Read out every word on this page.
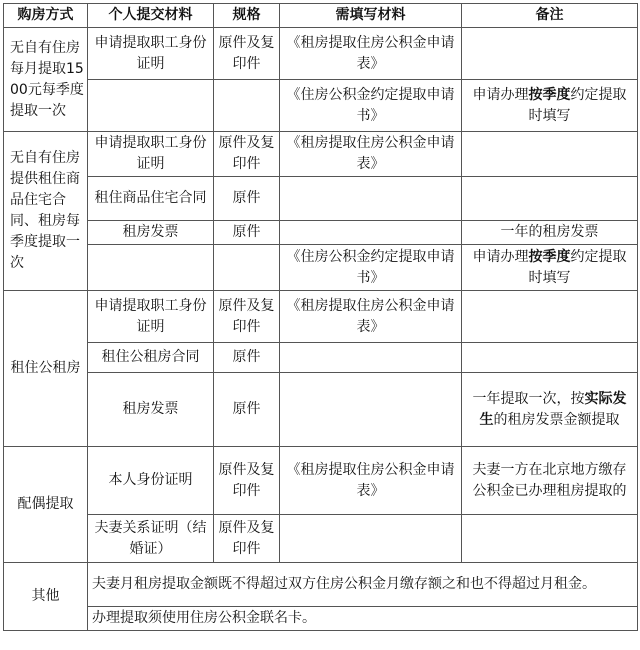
购房方式	个人提交材料	规格	需填写材料	备注
无自有住房每月提取1500元每季度提取一次	申请提取职工身份证明	原件及复印件	《租房提取住房公积金申请表》	
			《住房公积金约定提取申请书》	申请办理按季度约定提取时填写
无自有住房提供租住商品住宅合同、租房每季度提取一次	申请提取职工身份证明	原件及复印件	《租房提取住房公积金申请表》	
	租住商品住宅合同	原件		
	租房发票	原件		一年的租房发票
			《住房公积金约定提取申请书》	申请办理按季度约定提取时填写
租住公租房	申请提取职工身份证明	原件及复印件	《租房提取住房公积金申请表》	
	租住公租房合同	原件		
	租房发票	原件		一年提取一次，按实际发生的租房发票金额提取
配偶提取	本人身份证明	原件及复印件	《租房提取住房公积金申请表》	夫妻一方在北京地方缴存公积金已办理租房提取的
	夫妻关系证明（结婚证）	原件及复印件		
其他	夫妻月租房提取金额既不得超过双方住房公积金月缴存额之和也不得超过月租金。			
	办理提取须使用住房公积金联名卡。			
